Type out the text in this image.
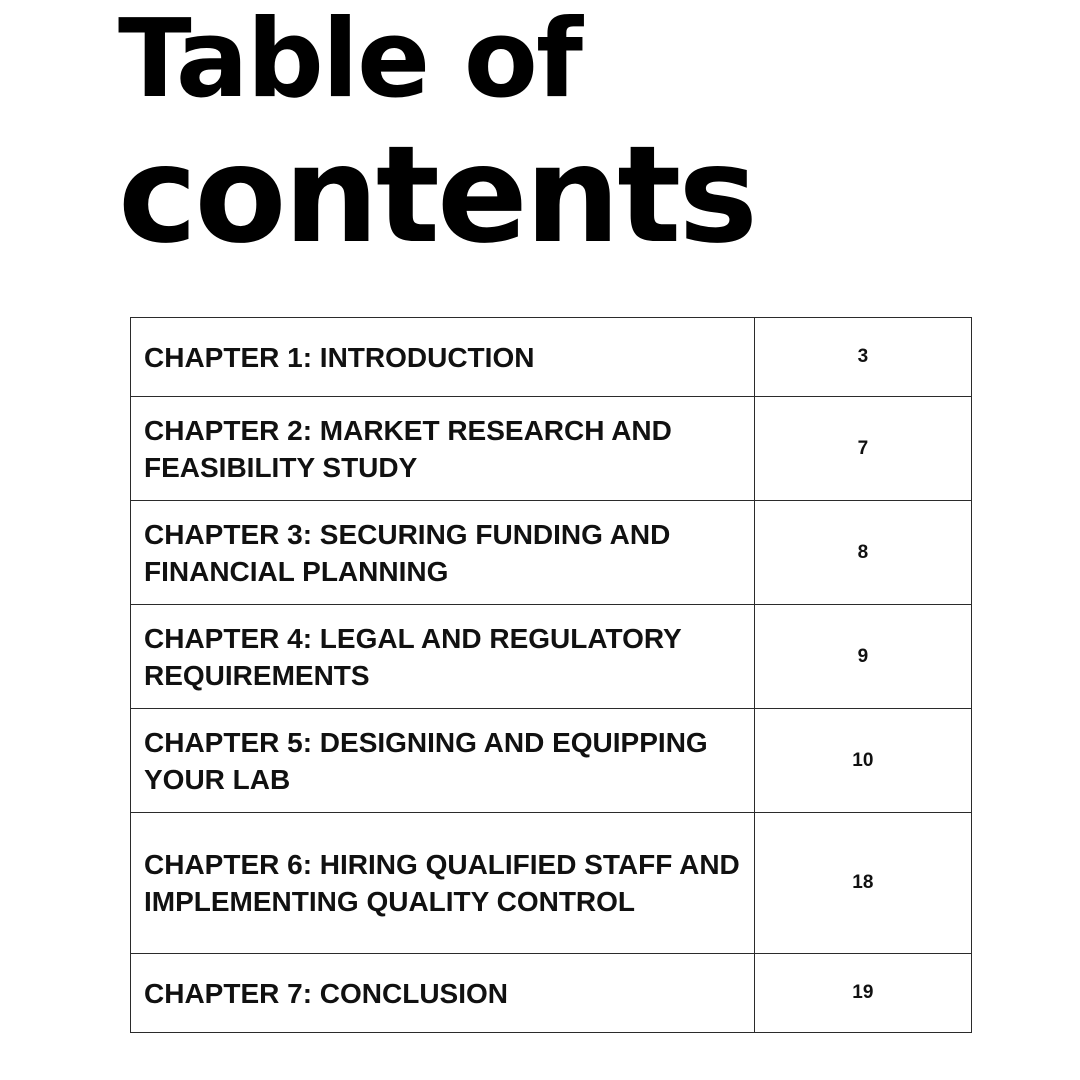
Table of
contents
CHAPTER 1: INTRODUCTION	3
CHAPTER 2: MARKET RESEARCH AND FEASIBILITY STUDY	7
CHAPTER 3: SECURING FUNDING AND FINANCIAL PLANNING	8
CHAPTER 4: LEGAL AND REGULATORY REQUIREMENTS	9
CHAPTER 5: DESIGNING AND EQUIPPING YOUR LAB	10
CHAPTER 6: HIRING QUALIFIED STAFF AND IMPLEMENTING QUALITY CONTROL	18
CHAPTER 7: CONCLUSION	19
